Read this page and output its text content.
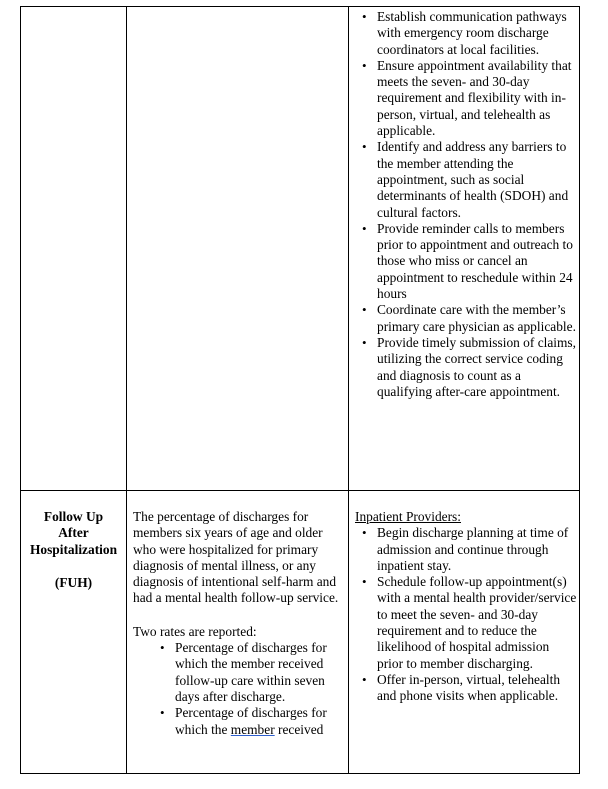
• Establish communication pathways with emergency room discharge coordinators at local facilities.
• Ensure appointment availability that meets the seven- and 30-day requirement and flexibility with in-person, virtual, and telehealth as applicable.
• Identify and address any barriers to the member attending the appointment, such as social determinants of health (SDOH) and cultural factors.
• Provide reminder calls to members prior to appointment and outreach to those who miss or cancel an appointment to reschedule within 24 hours
• Coordinate care with the member’s primary care physician as applicable.
• Provide timely submission of claims, utilizing the correct service coding and diagnosis to count as a qualifying after-care appointment.
Follow Up
After
Hospitalization
(FUH)
The percentage of discharges for members six years of age and older who were hospitalized for primary diagnosis of mental illness, or any diagnosis of intentional self-harm and had a mental health follow-up service.
Two rates are reported:
• Percentage of discharges for which the member received follow-up care within seven days after discharge.
• Percentage of discharges for which the member received
Inpatient Providers:
• Begin discharge planning at time of admission and continue through inpatient stay.
• Schedule follow-up appointment(s) with a mental health provider/service to meet the seven- and 30-day requirement and to reduce the likelihood of hospital admission prior to member discharging.
• Offer in-person, virtual, telehealth and phone visits when applicable.
